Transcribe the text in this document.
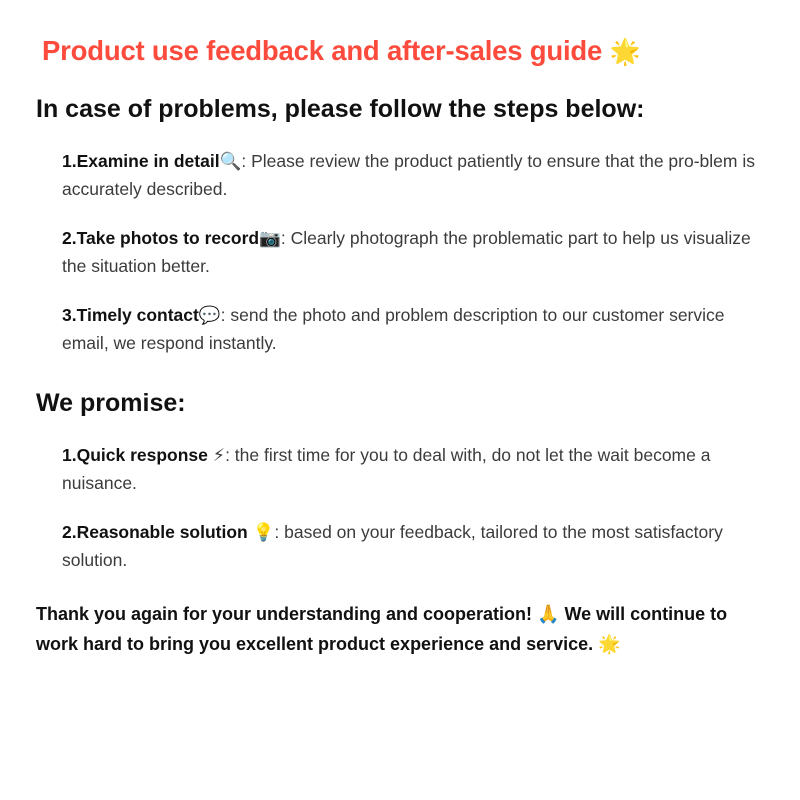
Product use feedback and after-sales guide 🌟
In case of problems, please follow the steps below:

1.Examine in detail🔍: Please review the product patiently to ensure that the pro-blem is accurately described.

2.Take photos to record📷: Clearly photograph the problematic part to help us visualize the situation better.

3.Timely contact💬: send the photo and problem description to our customer service email, we respond instantly.

We promise:

1.Quick response ⚡: the first time for you to deal with, do not let the wait become a nuisance.

2.Reasonable solution 💡: based on your feedback, tailored to the most satisfactory solution.

Thank you again for your understanding and cooperation! 🙏 We will continue to work hard to bring you excellent product experience and service. 🌟
